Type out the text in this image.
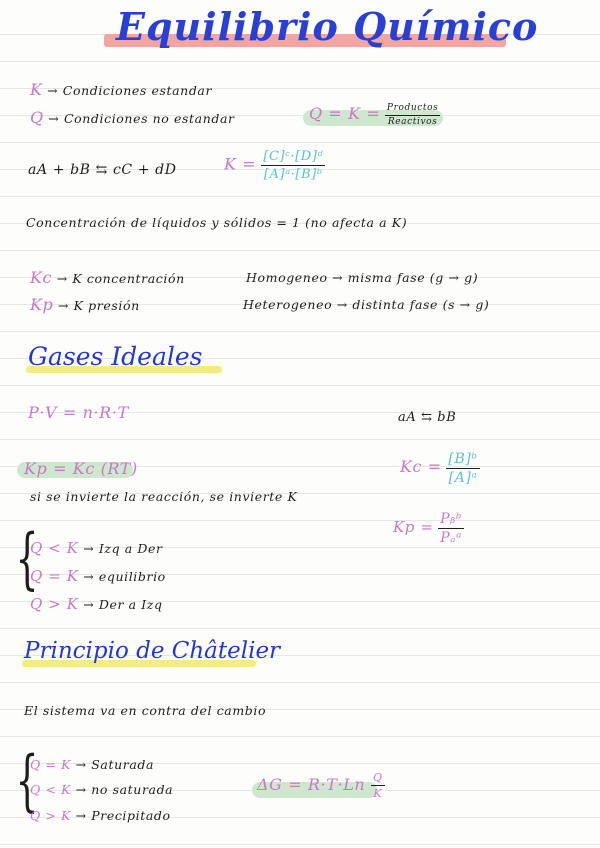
Equilibrio Químico
K → Condiciones estandar
Q → Condiciones no estandar	$Q = K = \frac{\text{Productos}}{\text{Reactivos}}$
aA + bB ⇆ cC + dD	$K = \frac{\text{[C]ᶜ·[D]ᵈ}}{\text{[A]ᵃ·[B]ᵇ}}$
Concentración de líquidos y sólidos = 1 (no afecta a K)
Kc → K concentración
Kp → K presión
Homogeneo → misma fase (g → g)
Heterogeneo → distinta fase (s → g)
Gases Ideales
P·V = n·R·T	aA ⇆ bB
Kp = Kc (RT)
si se invierte la reacción, se invierte K
$Kc = \frac{\text{[B]ᵇ}}{\text{[A]ᵃ}}$
$Kp = \frac{\text{Pᵦᵇ}}{\text{Pₐᵃ}}$
{
Q < K → Izq a Der
Q = K → equilibrio
Q > K → Der a Izq
Principio de Châtelier
El sistema va en contra del cambio
{
Q = K → Saturada
Q < K → no saturada
Q > K → Precipitado
$\Delta G = R\cdot T\cdot Ln \frac{Q}{K}$
